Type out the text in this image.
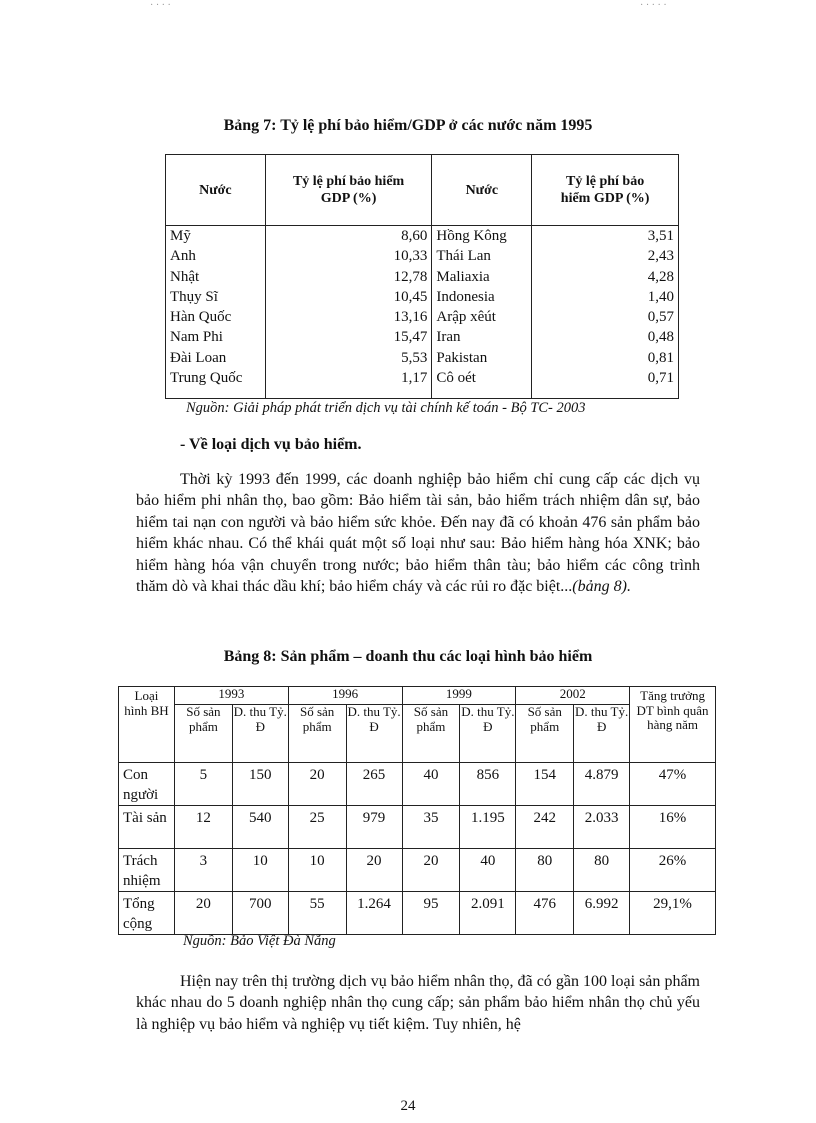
· · · ·	· · · · ·
Bảng 7: Tỷ lệ phí bảo hiểm/GDP ở các nước năm 1995
Nước	Tỷ lệ phí bảo hiểm GDP (%)	Nước	Tỷ lệ phí bảo hiểm GDP (%)
Mỹ	8,60	Hồng Kông	3,51
Anh	10,33	Thái Lan	2,43
Nhật	12,78	Maliaxia	4,28
Thụy Sĩ	10,45	Indonesia	1,40
Hàn Quốc	13,16	Arập xêút	0,57
Nam Phi	15,47	Iran	0,48
Đài Loan	5,53	Pakistan	0,81
Trung Quốc	1,17	Cô oét	0,71
Nguồn: Giải pháp phát triển dịch vụ tài chính kế toán - Bộ TC- 2003
- Về loại dịch vụ bảo hiểm.
Thời kỳ 1993 đến 1999, các doanh nghiệp bảo hiểm chỉ cung cấp các dịch vụ bảo hiểm phi nhân thọ, bao gồm: Bảo hiểm tài sản, bảo hiểm trách nhiệm dân sự, bảo hiểm tai nạn con người và bảo hiểm sức khỏe. Đến nay đã có khoản 476 sản phẩm bảo hiểm khác nhau. Có thể khái quát một số loại như sau: Bảo hiểm hàng hóa XNK; bảo hiểm hàng hóa vận chuyển trong nước; bảo hiểm thân tàu; bảo hiểm các công trình thăm dò và khai thác dầu khí; bảo hiểm cháy và các rủi ro đặc biệt...(bảng 8).
Bảng 8: Sản phẩm – doanh thu các loại hình bảo hiểm
Loại hình BH	1993		1996		1999		2002		Tăng trưởng DT bình quân hàng năm
	Số sản phẩm	D. thu Tỷ. Đ	Số sản phẩm	D. thu Tỷ. Đ	Số sản phẩm	D. thu Tỷ. Đ	Số sản phẩm	D. thu Tỷ. Đ	
Con người	5	150	20	265	40	856	154	4.879	47%
Tài sản	12	540	25	979	35	1.195	242	2.033	16%
Trách nhiệm	3	10	10	20	20	40	80	80	26%
Tổng cộng	20	700	55	1.264	95	2.091	476	6.992	29,1%
Nguồn: Bảo Việt Đà Nẵng
Hiện nay trên thị trường dịch vụ bảo hiểm nhân thọ, đã có gần 100 loại sản phẩm khác nhau do 5 doanh nghiệp nhân thọ cung cấp; sản phẩm bảo hiểm nhân thọ chủ yếu là nghiệp vụ bảo hiểm và nghiệp vụ tiết kiệm. Tuy nhiên, hệ
24
